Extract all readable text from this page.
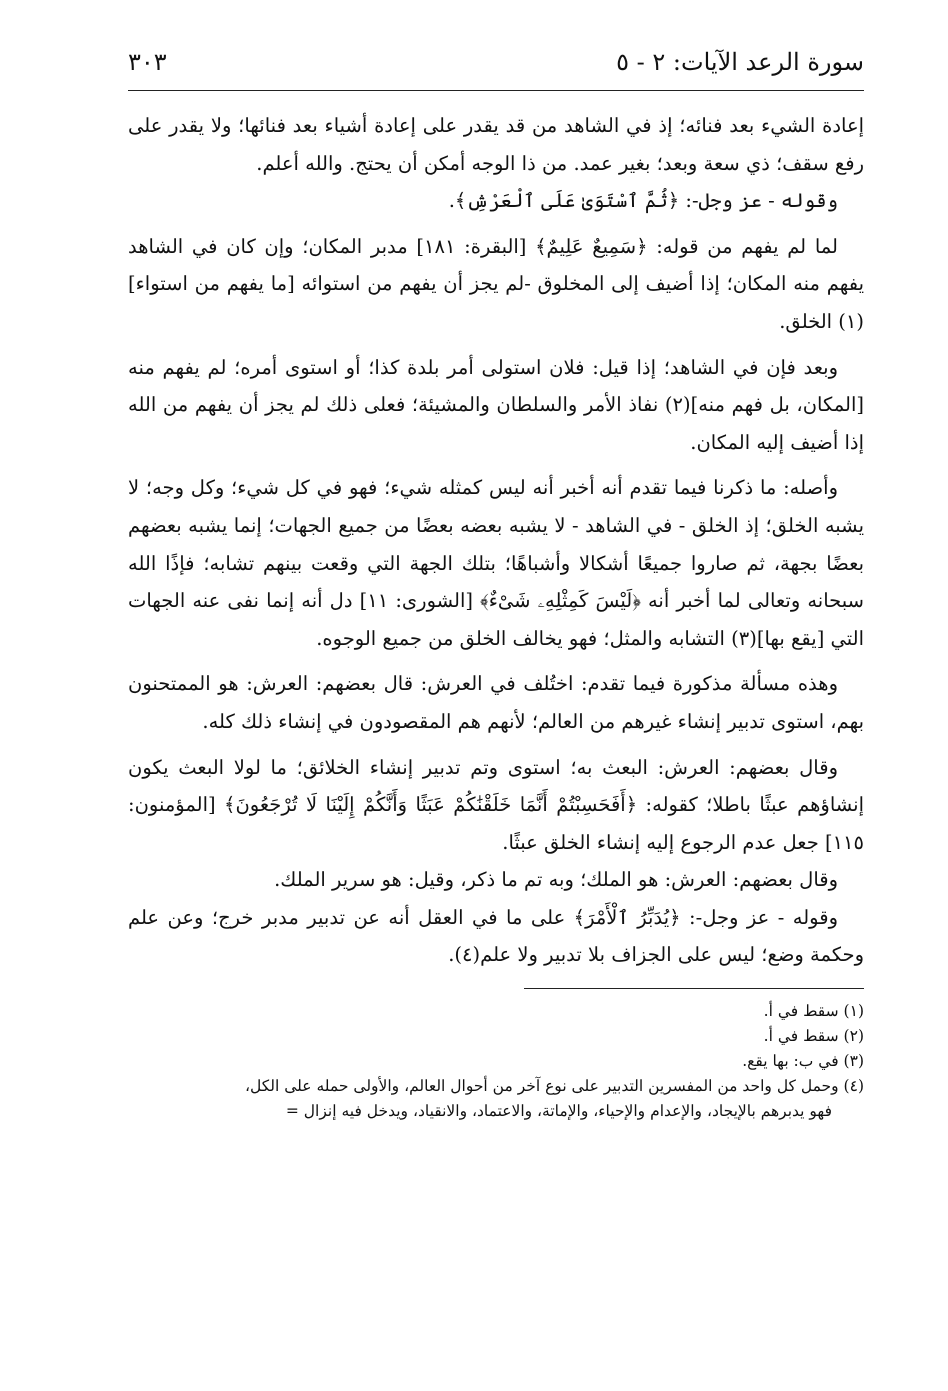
سورة الرعد الآيات: ٢ - ٥
٣٠٣

إعادة الشيء بعد فنائه؛ إذ في الشاهد من قد يقدر على إعادة أشياء بعد فنائها؛ ولا يقدر على رفع سقف؛ ذي سعة وبعد؛ بغير عمد. من ذا الوجه أمكن أن يحتج. والله أعلم.

وقوله - عز وجل-: ﴿ثُمَّ ٱسْتَوَىٰ عَلَى ٱلْعَرْشِ﴾.

لما لم يفهم من قوله: ﴿سَمِيعٌ عَلِيمٌ﴾ [البقرة: ١٨١] مدبر المكان؛ وإن كان في الشاهد يفهم منه المكان؛ إذا أضيف إلى المخلوق -لم يجز أن يفهم من استوائه [ما يفهم من استواء](١) الخلق.

وبعد فإن في الشاهد؛ إذا قيل: فلان استولى أمر بلدة كذا؛ أو استوى أمره؛ لم يفهم منه [المكان، بل فهم منه](٢) نفاذ الأمر والسلطان والمشيئة؛ فعلى ذلك لم يجز أن يفهم من الله إذا أضيف إليه المكان.

وأصله: ما ذكرنا فيما تقدم أنه أخبر أنه ليس كمثله شيء؛ فهو في كل شيء؛ وكل وجه؛ لا يشبه الخلق؛ إذ الخلق - في الشاهد - لا يشبه بعضه بعضًا من جميع الجهات؛ إنما يشبه بعضهم بعضًا بجهة، ثم صاروا جميعًا أشكالا وأشباهًا؛ بتلك الجهة التي وقعت بينهم تشابه؛ فإذًا الله سبحانه وتعالى لما أخبر أنه ﴿لَيْسَ كَمِثْلِهِۦ شَىْءٌ﴾ [الشورى: ١١] دل أنه إنما نفى عنه الجهات التي [يقع بها](٣) التشابه والمثل؛ فهو يخالف الخلق من جميع الوجوه.

وهذه مسألة مذكورة فيما تقدم: اختُلف في العرش: قال بعضهم: العرش: هو الممتحنون بهم، استوى تدبير إنشاء غيرهم من العالم؛ لأنهم هم المقصودون في إنشاء ذلك كله.

وقال بعضهم: العرش: البعث به؛ استوى وتم تدبير إنشاء الخلائق؛ ما لولا البعث يكون إنشاؤهم عبثًا باطلا؛ كقوله: ﴿أَفَحَسِبْتُمْ أَنَّمَا خَلَقْنَٰكُمْ عَبَثًا وَأَنَّكُمْ إِلَيْنَا لَا تُرْجَعُونَ﴾ [المؤمنون: ١١٥] جعل عدم الرجوع إليه إنشاء الخلق عبثًا.

وقال بعضهم: العرش: هو الملك؛ وبه تم ما ذكر، وقيل: هو سرير الملك.

وقوله - عز وجل-: ﴿يُدَبِّرُ ٱلْأَمْرَ﴾ على ما في العقل أنه عن تدبير مدبر خرج؛ وعن علم وحكمة وضع؛ ليس على الجزاف بلا تدبير ولا علم(٤).

(١) سقط في أ.
(٢) سقط في أ.
(٣) في ب: بها يقع.
(٤) وحمل كل واحد من المفسرين التدبير على نوع آخر من أحوال العالم، والأولى حمله على الكل،
فهو يدبرهم بالإيجاد، والإعدام والإحياء، والإماتة، والاعتماد، والانقياد، ويدخل فيه إنزال =
